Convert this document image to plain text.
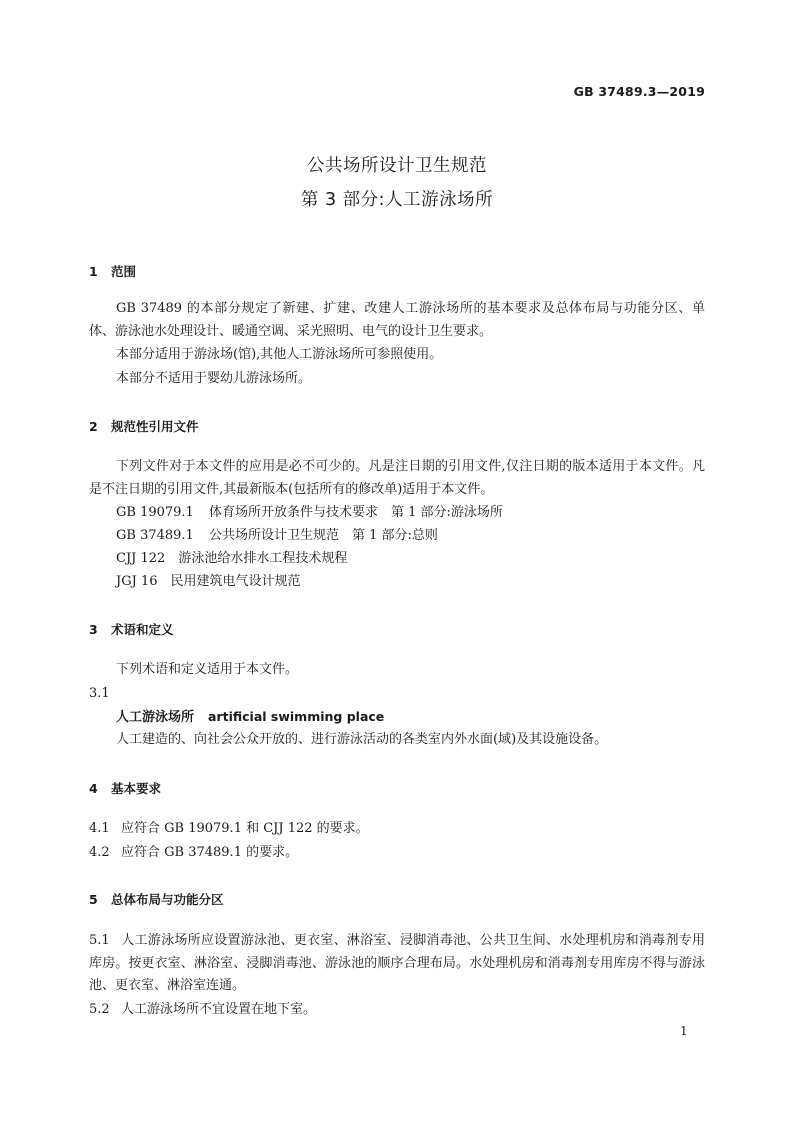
GB 37489.3—2019
公共场所设计卫生规范
第 3 部分:人工游泳场所
1 范围
GB 37489 的本部分规定了新建、扩建、改建人工游泳场所的基本要求及总体布局与功能分区、单体、游泳池水处理设计、暖通空调、采光照明、电气的设计卫生要求。
本部分适用于游泳场(馆),其他人工游泳场所可参照使用。
本部分不适用于婴幼儿游泳场所。
2 规范性引用文件
下列文件对于本文件的应用是必不可少的。凡是注日期的引用文件,仅注日期的版本适用于本文件。凡是不注日期的引用文件,其最新版本(包括所有的修改单)适用于本文件。
GB 19079.1　 体育场所开放条件与技术要求　第 1 部分:游泳场所
GB 37489.1　 公共场所设计卫生规范　第 1 部分:总则
CJJ 122　 游泳池给水排水工程技术规程
JGJ 16　 民用建筑电气设计规范
3 术语和定义
下列术语和定义适用于本文件。
3.1
人工游泳场所 artificial swimming place
人工建造的、向社会公众开放的、进行游泳活动的各类室内外水面(域)及其设施设备。
4 基本要求
4.1 应符合 GB 19079.1 和 CJJ 122 的要求。
4.2 应符合 GB 37489.1 的要求。
5 总体布局与功能分区
5.1 人工游泳场所应设置游泳池、更衣室、淋浴室、浸脚消毒池、公共卫生间、水处理机房和消毒剂专用库房。按更衣室、淋浴室、浸脚消毒池、游泳池的顺序合理布局。水处理机房和消毒剂专用库房不得与游泳池、更衣室、淋浴室连通。
5.2 人工游泳场所不宜设置在地下室。
1
